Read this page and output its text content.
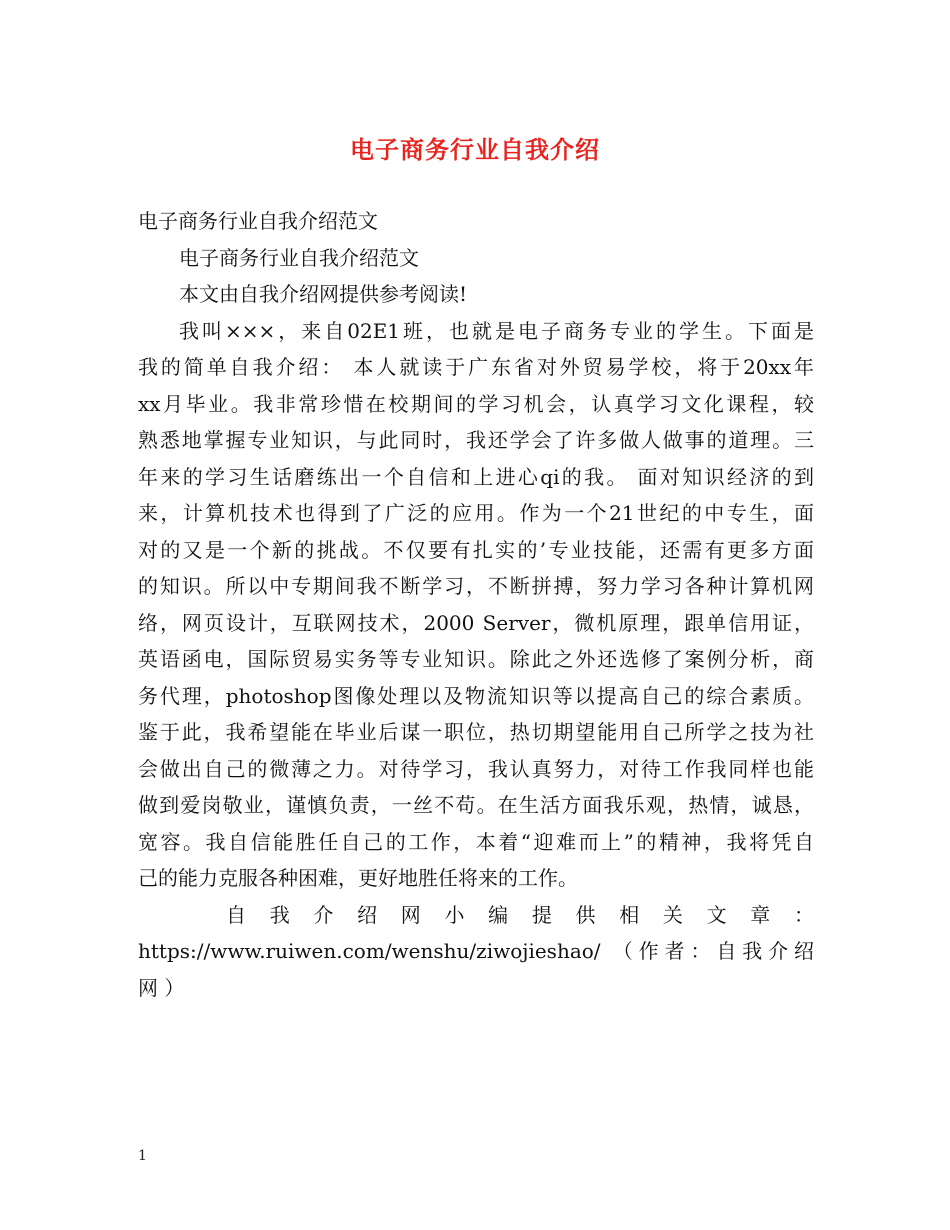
电子商务行业自我介绍
电子商务行业自我介绍范文
电子商务行业自我介绍范文
本文由自我介绍网提供参考阅读!
我叫×××，来自02E1班，也就是电子商务专业的学生。下面是
我的简单自我介绍： 本人就读于广东省对外贸易学校，将于20xx年
xx月毕业。我非常珍惜在校期间的学习机会，认真学习文化课程，较
熟悉地掌握专业知识，与此同时，我还学会了许多做人做事的道理。三
年来的学习生话磨练出一个自信和上进心qi的我。 面对知识经济的到
来，计算机技术也得到了广泛的应用。作为一个21世纪的中专生，面
对的又是一个新的挑战。不仅要有扎实的’专业技能，还需有更多方面
的知识。所以中专期间我不断学习，不断拼搏，努力学习各种计算机网
络，网页设计，互联网技术，2000 Server，微机原理，跟单信用证，
英语函电，国际贸易实务等专业知识。除此之外还选修了案例分析，商
务代理，photoshop图像处理以及物流知识等以提高自己的综合素质。
鉴于此，我希望能在毕业后谋一职位，热切期望能用自己所学之技为社
会做出自己的微薄之力。对待学习，我认真努力，对待工作我同样也能
做到爱岗敬业，谨慎负责，一丝不苟。在生活方面我乐观，热情，诚恳，
宽容。我自信能胜任自己的工作，本着“迎难而上”的精神，我将凭自
己的能力克服各种困难，更好地胜任将来的工作。
自 我 介 绍 网 小 编 提 供 相 关 文 章 ：
https://www.ruiwen.com/wenshu/ziwojieshao/ （作者：自我介绍
网 ）
1
